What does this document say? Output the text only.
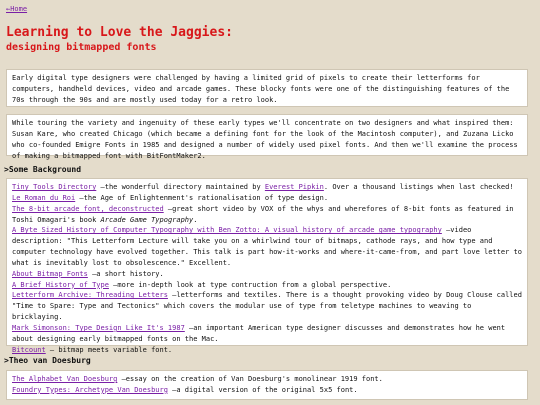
←Home
Learning to Love the Jaggies:
designing bitmapped fonts
Early digital type designers were challenged by having a limited grid of pixels to create their letterforms for computers, handheld devices, video and arcade games. These blocky fonts were one of the distinguishing features of the 70s through the 90s and are mostly used today for a retro look.
While touring the variety and ingenuity of these early types we'll concentrate on two designers and what inspired them: Susan Kare, who created Chicago (which became a defining font for the look of the Macintosh computer), and Zuzana Licko who co-founded Emigre Fonts in 1985 and designed a number of widely used pixel fonts. And then we'll examine the process of making a bitmapped font with BitFontMaker2.
>Some Background

Tiny Tools Directory —the wonderful directory maintained by Everest Pipkin. Over a thousand listings when last checked!

Le Roman du Roi —the Age of Enlightenment's rationalisation of type design.

The 8-bit arcade font, deconstructed —great short video by VOX of the whys and wherefores of 8-bit fonts as featured in Toshi Omagari's book Arcade Game Typography.

A Byte Sized History of Computer Typography with Ben Zotto: A visual history of arcade game typography —video description: "This Letterform Lecture will take you on a whirlwind tour of bitmaps, cathode rays, and how type and computer technology have evolved together. This talk is part how-it-works and where-it-came-from, and part love letter to what is inevitably lost to obsolescence." Excellent.

About Bitmap Fonts —a short history.

A Brief History of Type —more in-depth look at type contruction from a global perspective.

Letterform Archive: Threading Letters —letterforms and textiles. There is a thought provoking video by Doug Clouse called "Time to Spare: Type and Tectonics" which covers the modular use of type from teletype machines to weaving to bricklaying.

Mark Simonson: Type Design Like It's 1987 —an important American type designer discusses and demonstrates how he went about designing early bitmapped fonts on the Mac.

Bitcount — bitmap meets variable font.

>Theo van Doesburg

The Alphabet Van Doesburg —essay on the creation of Van Doesburg's monolinear 1919 font.

Foundry Types: Archetype Van Doesburg —a digital version of the original 5x5 font.
